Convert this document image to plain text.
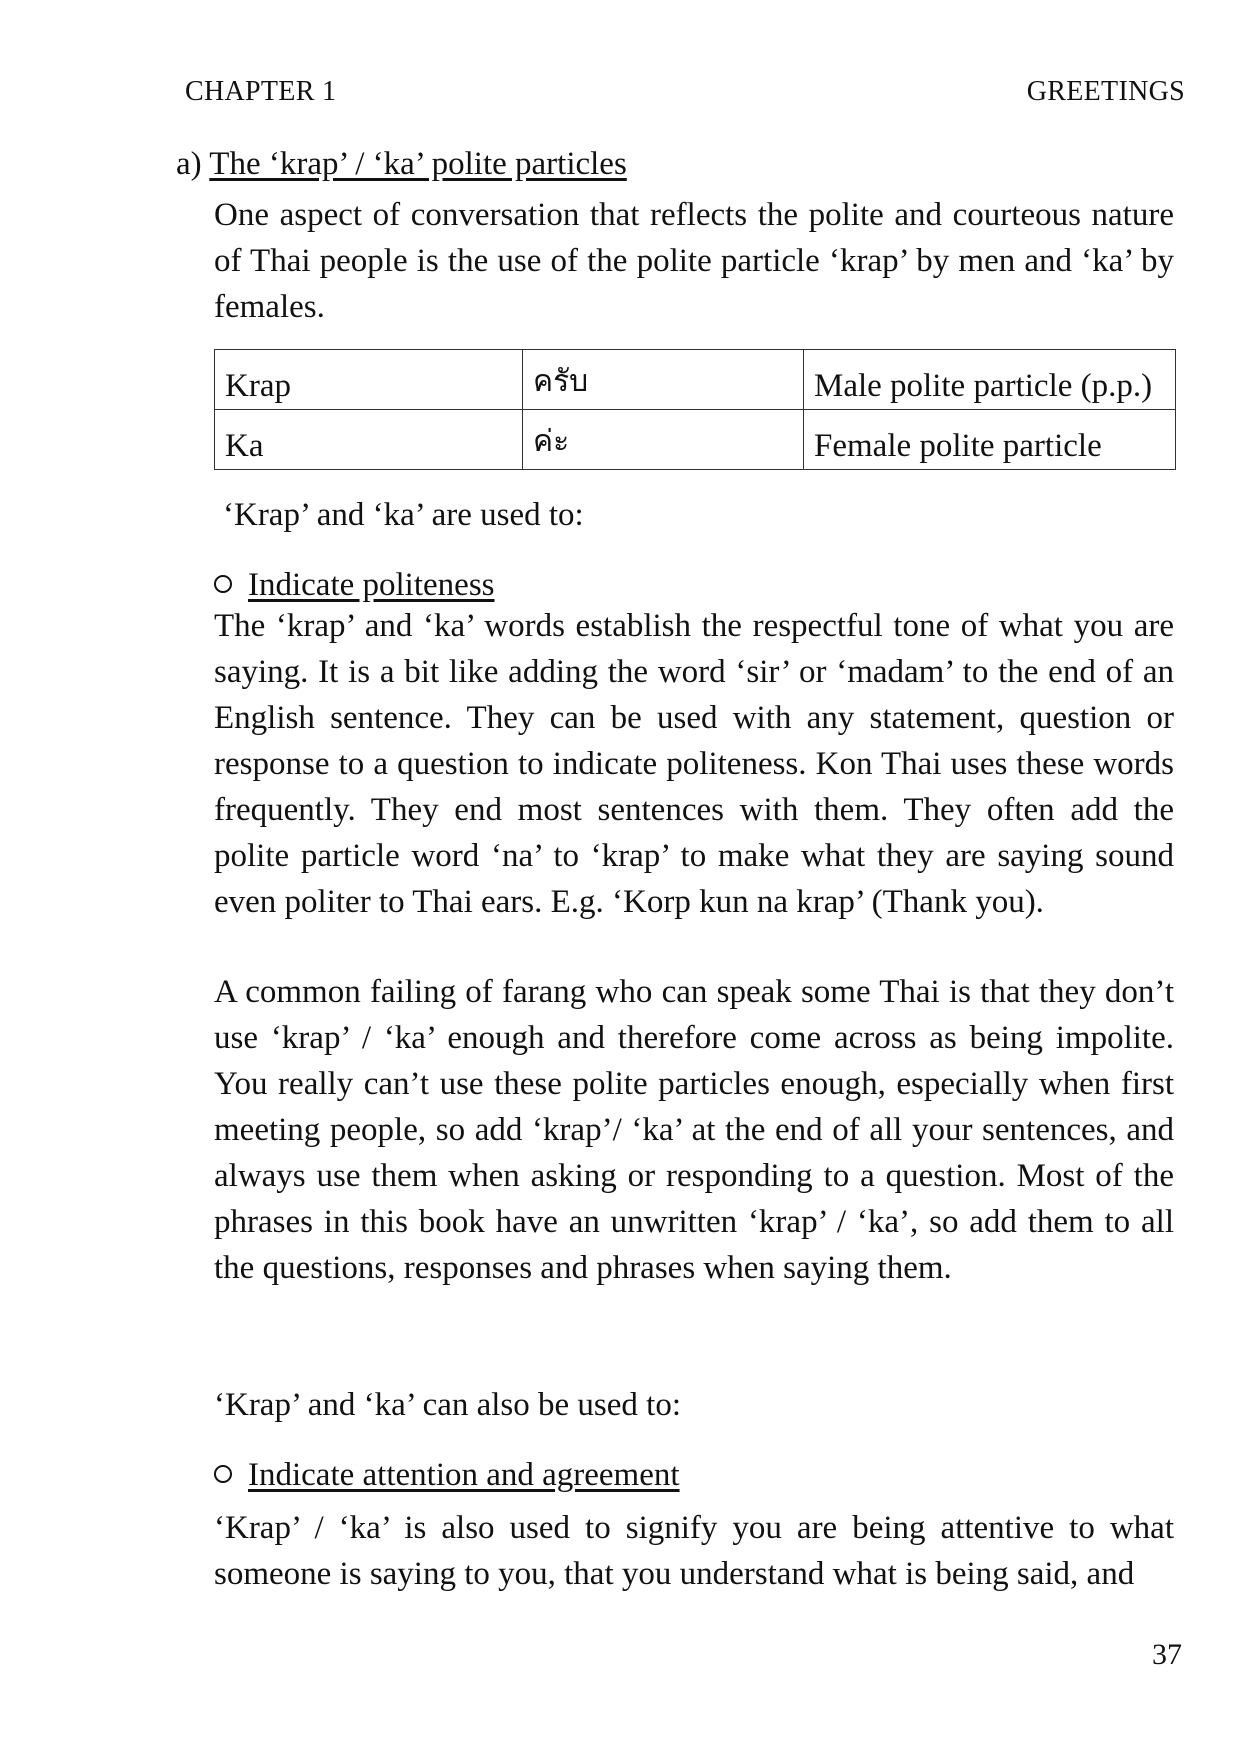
CHAPTER 1	GREETINGS
a) The ‘krap’ / ‘ka’ polite particles
One aspect of conversation that reflects the polite and courteous nature of Thai people is the use of the polite particle ‘krap’ by men and ‘ka’ by females.
Krap	ครับ	Male polite particle (p.p.)
Ka	ค่ะ	Female polite particle
‘Krap’ and ‘ka’ are used to:
Indicate politeness
The ‘krap’ and ‘ka’ words establish the respectful tone of what you are saying. It is a bit like adding the word ‘sir’ or ‘madam’ to the end of an English sentence. They can be used with any statement, question or response to a question to indicate politeness. Kon Thai uses these words frequently. They end most sentences with them. They often add the polite particle word ‘na’ to ‘krap’ to make what they are saying sound even politer to Thai ears. E.g. ‘Korp kun na krap’ (Thank you).
A common failing of farang who can speak some Thai is that they don’t use ‘krap’ / ‘ka’ enough and therefore come across as being impolite. You really can’t use these polite particles enough, especially when first meeting people, so add ‘krap’/ ‘ka’ at the end of all your sentences, and always use them when asking or responding to a question. Most of the phrases in this book have an unwritten ‘krap’ / ‘ka’, so add them to all the questions, responses and phrases when saying them.
‘Krap’ and ‘ka’ can also be used to:
Indicate attention and agreement
‘Krap’ / ‘ka’ is also used to signify you are being attentive to what someone is saying to you, that you understand what is being said, and
37
